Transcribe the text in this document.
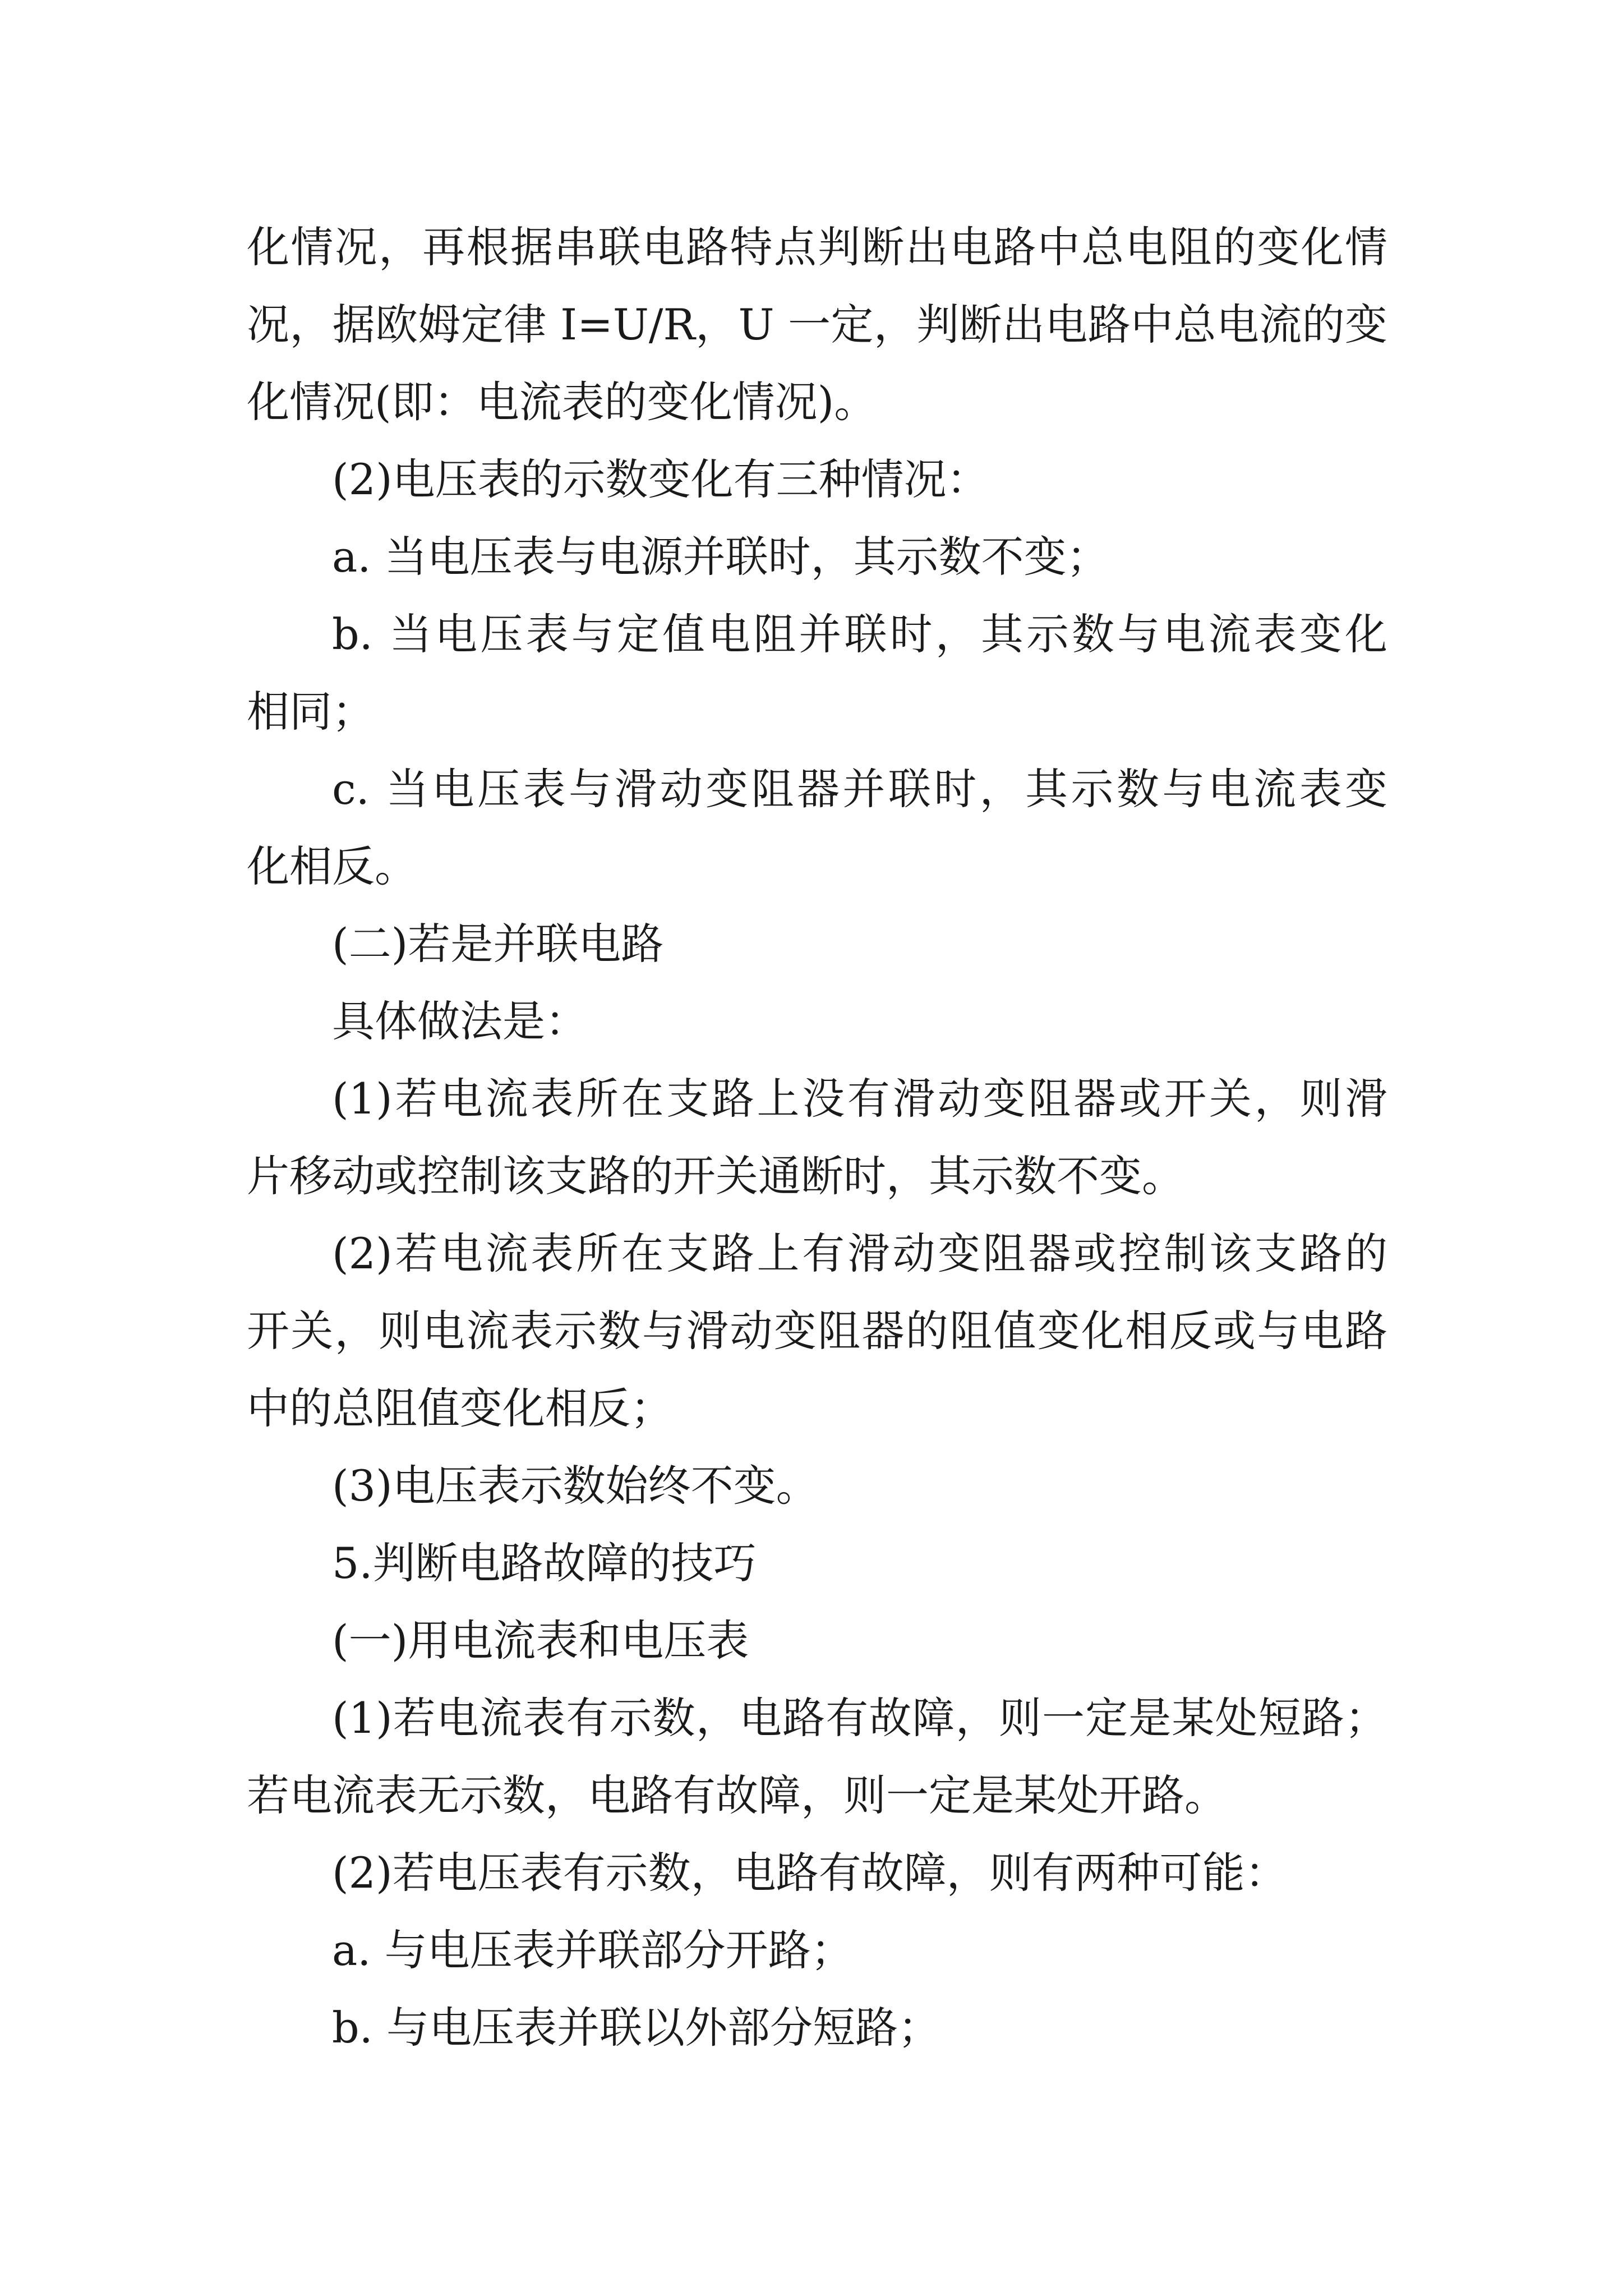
化情况，再根据串联电路特点判断出电路中总电阻的变化情
况，据欧姆定律 I=U/R，U 一定，判断出电路中总电流的变
化情况(即：电流表的变化情况)。
(2)电压表的示数变化有三种情况：
a. 当电压表与电源并联时，其示数不变；
b. 当电压表与定值电阻并联时，其示数与电流表变化
相同；
c. 当电压表与滑动变阻器并联时，其示数与电流表变
化相反。
(二)若是并联电路
具体做法是：
(1)若电流表所在支路上没有滑动变阻器或开关，则滑
片移动或控制该支路的开关通断时，其示数不变。
(2)若电流表所在支路上有滑动变阻器或控制该支路的
开关，则电流表示数与滑动变阻器的阻值变化相反或与电路
中的总阻值变化相反；
(3)电压表示数始终不变。
5.判断电路故障的技巧
(一)用电流表和电压表
(1)若电流表有示数，电路有故障，则一定是某处短路；
若电流表无示数，电路有故障，则一定是某处开路。
(2)若电压表有示数，电路有故障，则有两种可能：
a. 与电压表并联部分开路；
b. 与电压表并联以外部分短路；
